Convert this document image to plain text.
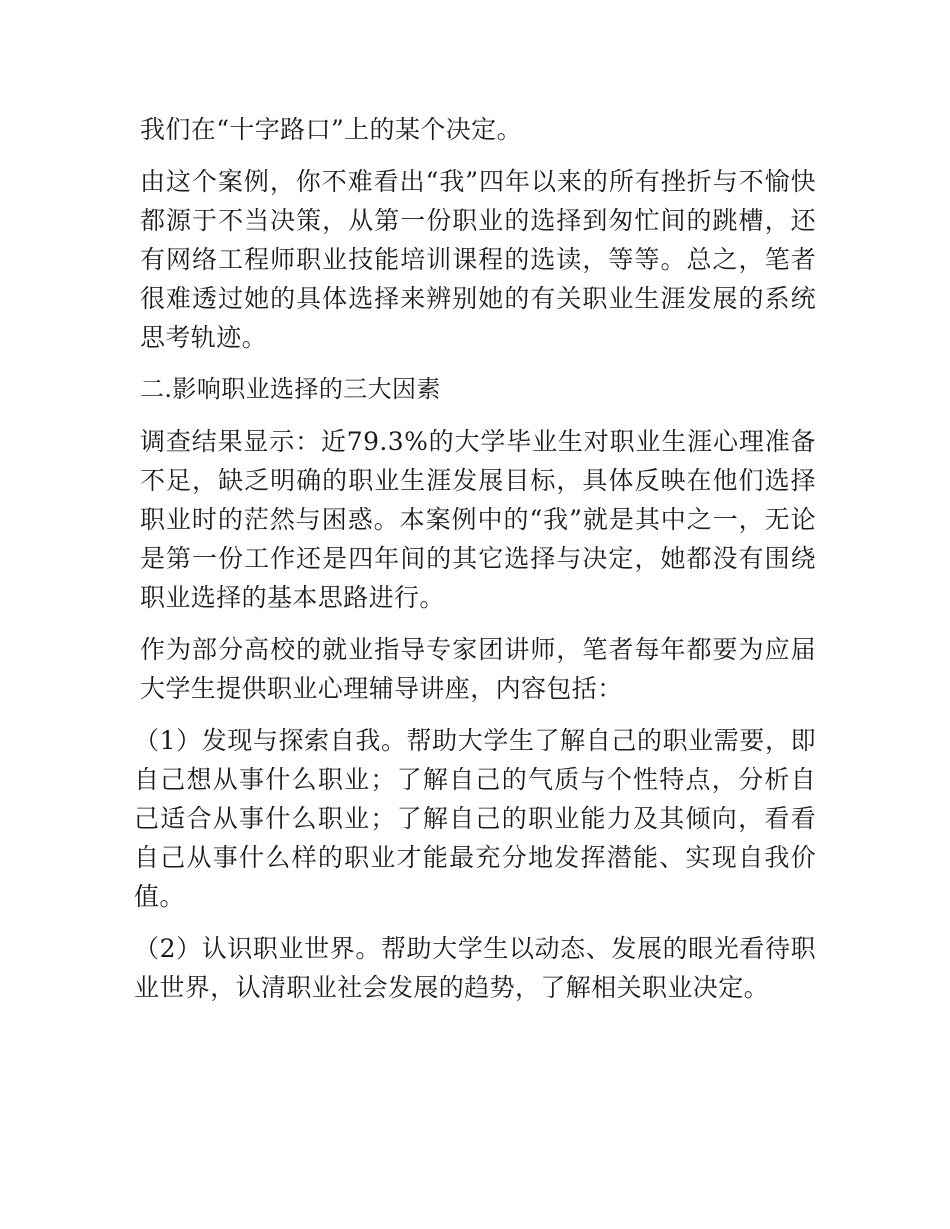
我们在“十字路口”上的某个决定。

由这个案例，你不难看出“我”四年以来的所有挫折与不愉快都源于不当决策，从第一份职业的选择到匆忙间的跳槽，还有网络工程师职业技能培训课程的选读，等等。总之，笔者很难透过她的具体选择来辨别她的有关职业生涯发展的系统思考轨迹。

二.影响职业选择的三大因素

调查结果显示：近79.3%的大学毕业生对职业生涯心理准备不足，缺乏明确的职业生涯发展目标，具体反映在他们选择职业时的茫然与困惑。本案例中的“我”就是其中之一，无论是第一份工作还是四年间的其它选择与决定，她都没有围绕职业选择的基本思路进行。

作为部分高校的就业指导专家团讲师，笔者每年都要为应届大学生提供职业心理辅导讲座，内容包括：

（1）发现与探索自我。帮助大学生了解自己的职业需要，即自己想从事什么职业；了解自己的气质与个性特点，分析自己适合从事什么职业；了解自己的职业能力及其倾向，看看自己从事什么样的职业才能最充分地发挥潜能、实现自我价值。

（2）认识职业世界。帮助大学生以动态、发展的眼光看待职业世界，认清职业社会发展的趋势，了解相关职业决定。
